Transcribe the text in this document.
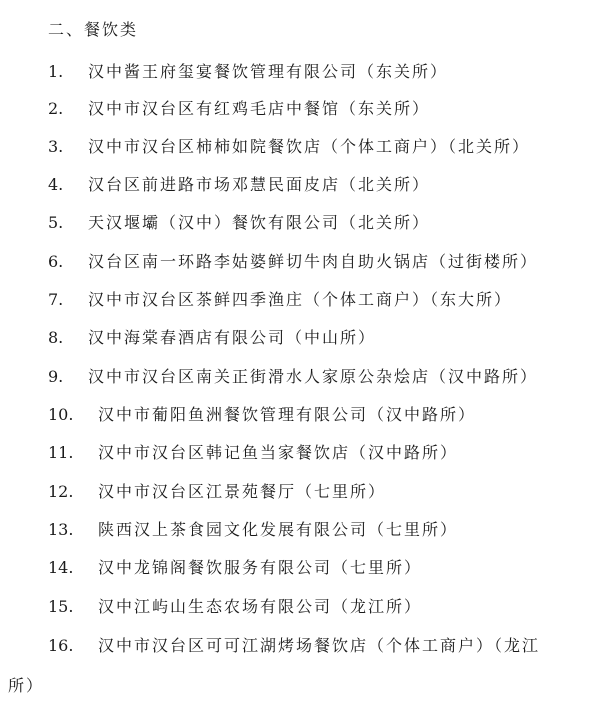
二、餐饮类
1. 汉中酱王府玺宴餐饮管理有限公司（东关所）
2. 汉中市汉台区有红鸡毛店中餐馆（东关所）
3. 汉中市汉台区柿柿如院餐饮店（个体工商户）（北关所）
4. 汉台区前进路市场邓慧民面皮店（北关所）
5. 天汉堰壩（汉中）餐饮有限公司（北关所）
6. 汉台区南一环路李姑婆鲜切牛肉自助火锅店（过街楼所）
7. 汉中市汉台区茶鲜四季渔庄（个体工商户）（东大所）
8. 汉中海棠春酒店有限公司（中山所）
9. 汉中市汉台区南关正街滑水人家原公杂烩店（汉中路所）
10. 汉中市葡阳鱼洲餐饮管理有限公司（汉中路所）
11. 汉中市汉台区韩记鱼当家餐饮店（汉中路所）
12. 汉中市汉台区江景苑餐厅（七里所）
13. 陕西汉上茶食园文化发展有限公司（七里所）
14. 汉中龙锦阁餐饮服务有限公司（七里所）
15. 汉中江屿山生态农场有限公司（龙江所）
16. 汉中市汉台区可可江湖烤场餐饮店（个体工商户）（龙江
所）
